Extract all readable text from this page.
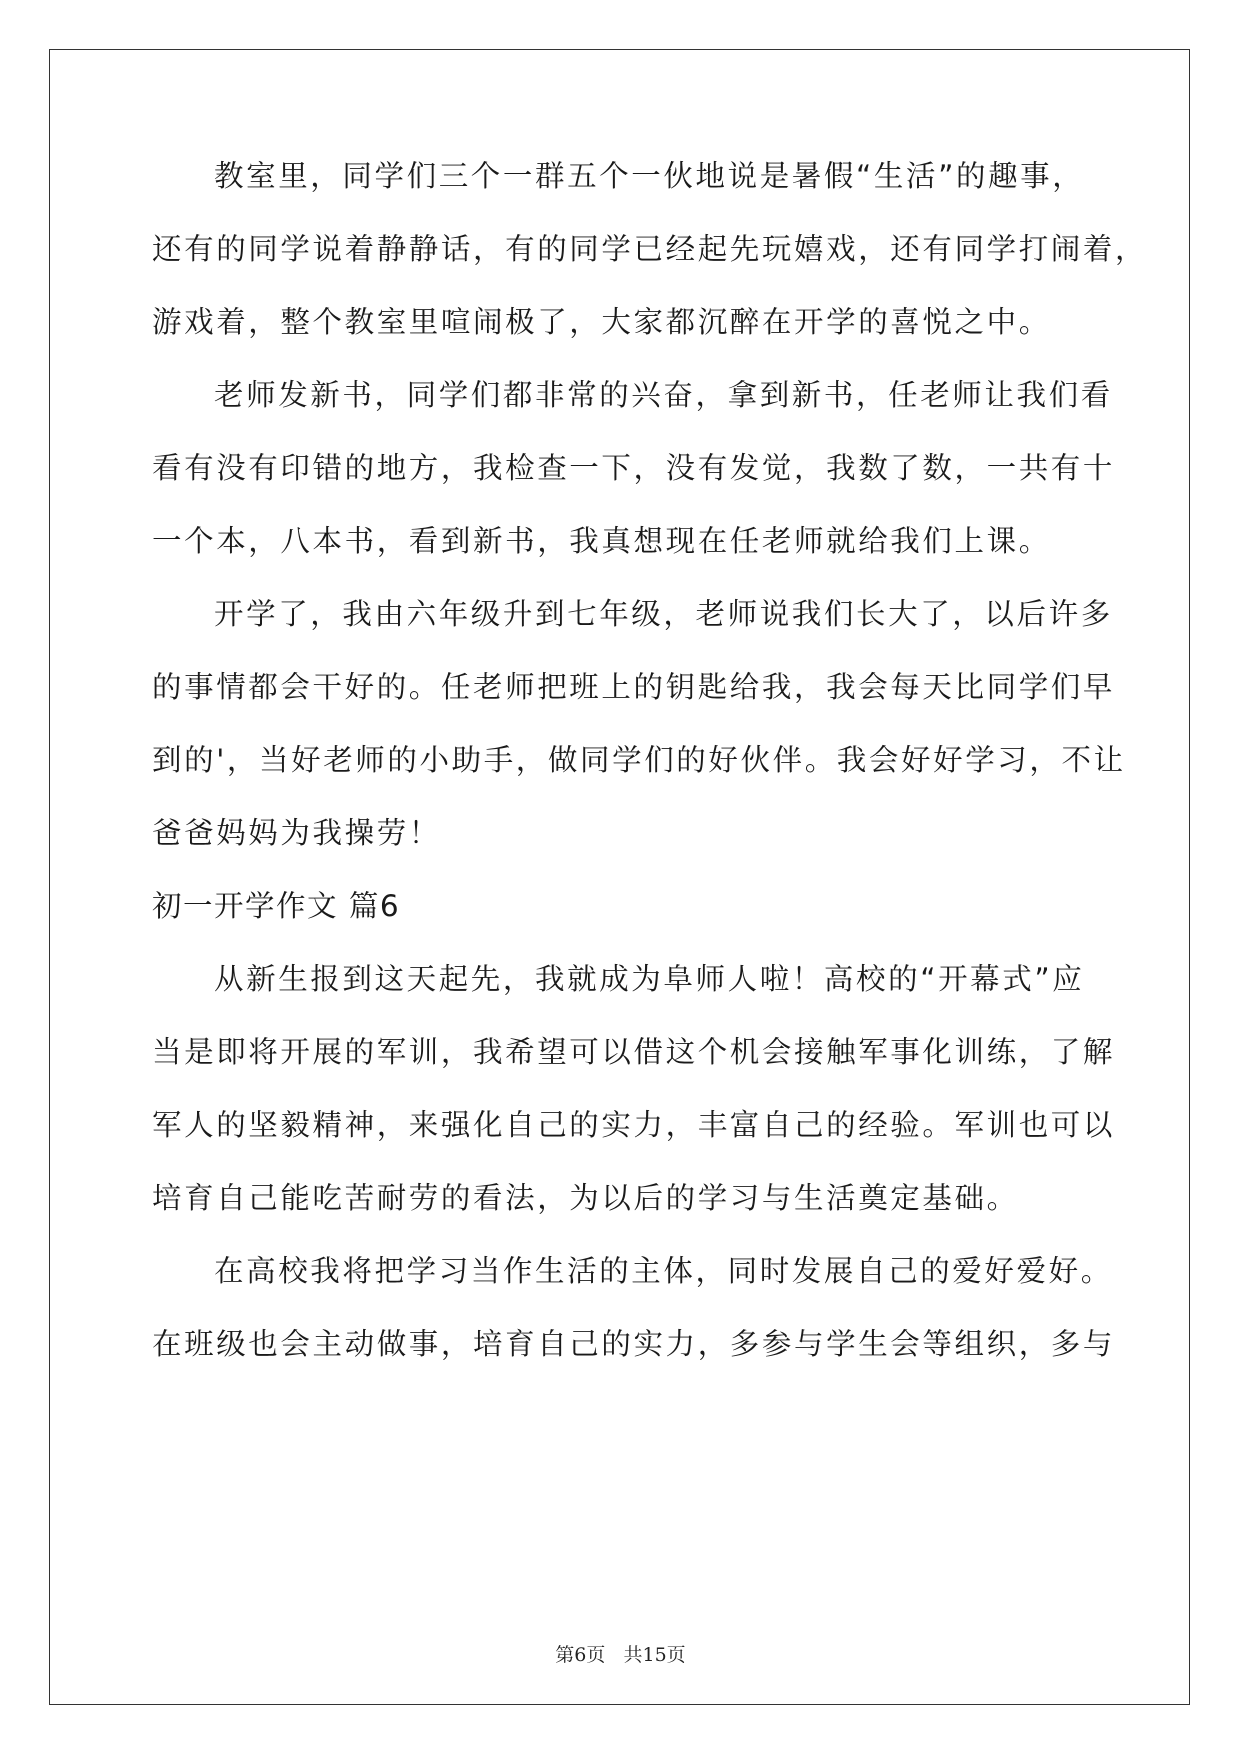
教室里，同学们三个一群五个一伙地说是暑假“生活”的趣事，
还有的同学说着静静话，有的同学已经起先玩嬉戏，还有同学打闹着，
游戏着，整个教室里喧闹极了，大家都沉醉在开学的喜悦之中。
老师发新书，同学们都非常的兴奋，拿到新书，任老师让我们看
看有没有印错的地方，我检查一下，没有发觉，我数了数，一共有十
一个本，八本书，看到新书，我真想现在任老师就给我们上课。
开学了，我由六年级升到七年级，老师说我们长大了，以后许多
的事情都会干好的。任老师把班上的钥匙给我，我会每天比同学们早
到的'，当好老师的小助手，做同学们的好伙伴。我会好好学习，不让
爸爸妈妈为我操劳！
初一开学作文 篇6
从新生报到这天起先，我就成为阜师人啦！高校的“开幕式”应
当是即将开展的军训，我希望可以借这个机会接触军事化训练，了解
军人的坚毅精神，来强化自己的实力，丰富自己的经验。军训也可以
培育自己能吃苦耐劳的看法，为以后的学习与生活奠定基础。
在高校我将把学习当作生活的主体，同时发展自己的爱好爱好。
在班级也会主动做事，培育自己的实力，多参与学生会等组织，多与
第6页   共15页
